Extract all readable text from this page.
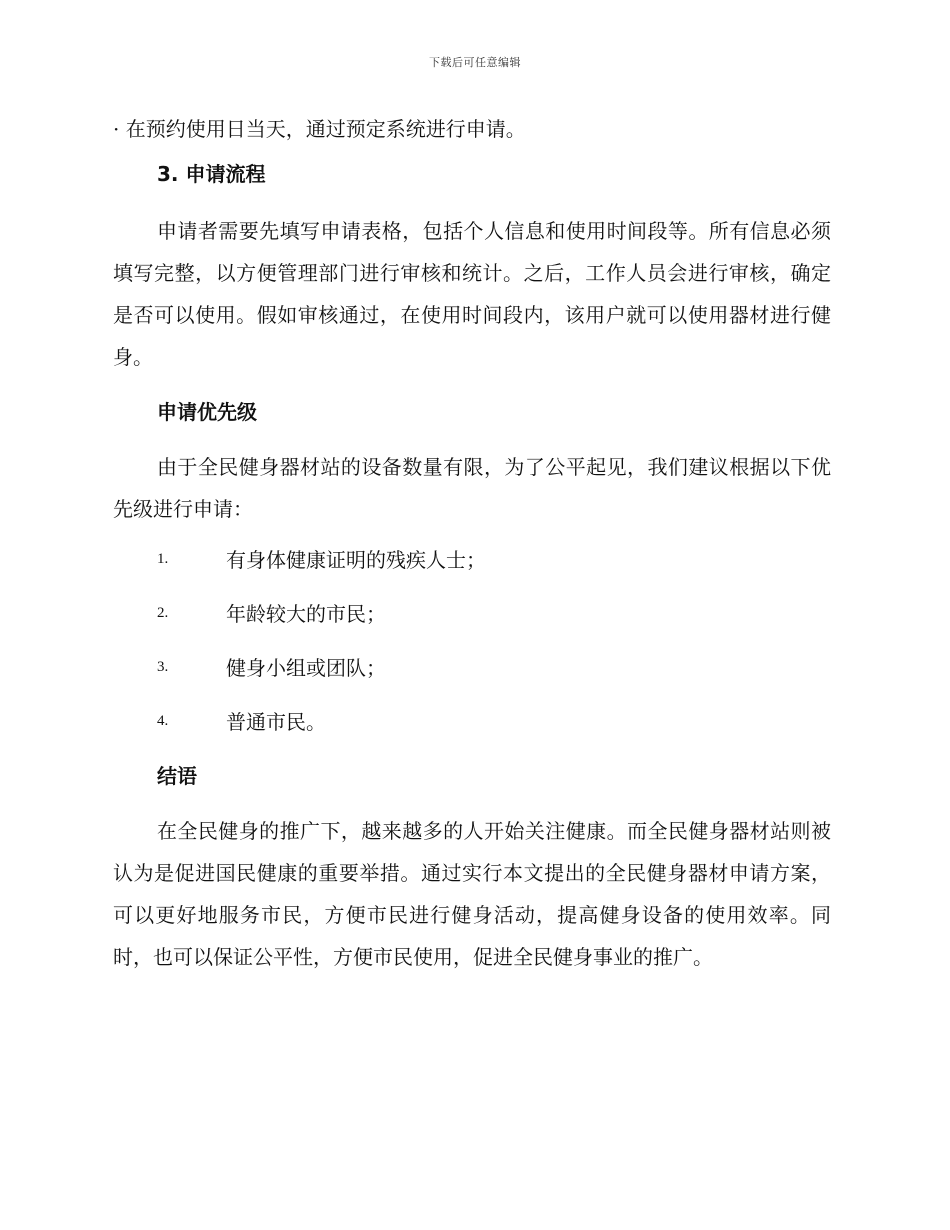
下载后可任意编辑

· 在预约使用日当天，通过预定系统进行申请。

3. 申请流程

申请者需要先填写申请表格，包括个人信息和使用时间段等。所有信息必须填写完整，以方便管理部门进行审核和统计。之后，工作人员会进行审核，确定是否可以使用。假如审核通过，在使用时间段内，该用户就可以使用器材进行健身。

申请优先级

由于全民健身器材站的设备数量有限，为了公平起见，我们建议根据以下优先级进行申请：

1.	有身体健康证明的残疾人士；
2.	年龄较大的市民；
3.	健身小组或团队；
4.	普通市民。
结语

在全民健身的推广下，越来越多的人开始关注健康。而全民健身器材站则被认为是促进国民健康的重要举措。通过实行本文提出的全民健身器材申请方案，可以更好地服务市民，方便市民进行健身活动，提高健身设备的使用效率。同时，也可以保证公平性，方便市民使用，促进全民健身事业的推广。
